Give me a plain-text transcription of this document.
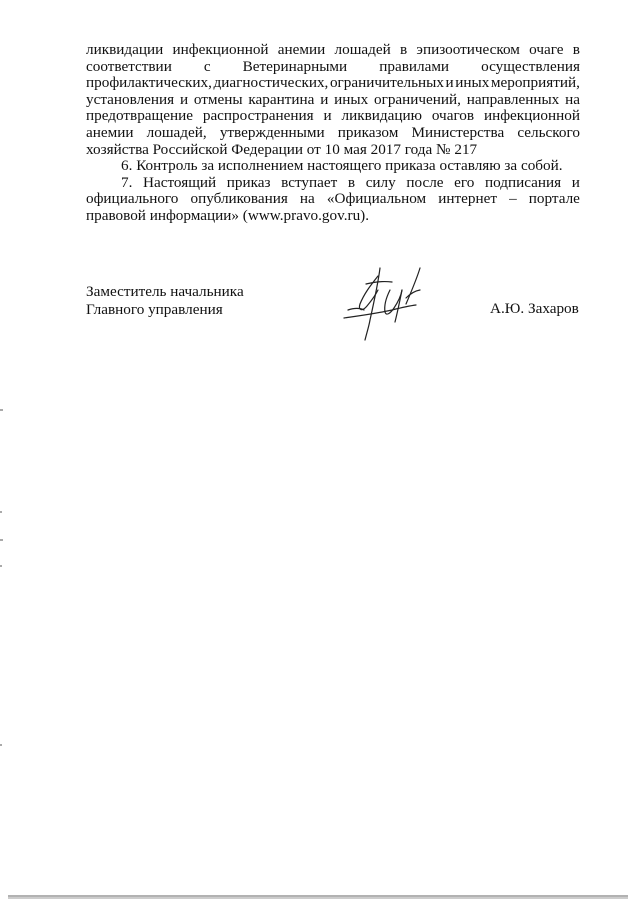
ликвидации инфекционной анемии лошадей в эпизоотическом очаге в
соответствии с Ветеринарными правилами осуществления
профилактических, диагностических, ограничительных и иных мероприятий,
установления и отмены карантина и иных ограничений, направленных на
предотвращение распространения и ликвидацию очагов инфекционной
анемии лошадей, утвержденными приказом Министерства сельского
хозяйства Российской Федерации от 10 мая 2017 года № 217
6. Контроль за исполнением настоящего приказа оставляю за собой.
7. Настоящий приказ вступает в силу после его подписания и
официального опубликования на «Официальном интернет – портале
правовой информации» (www.pravo.gov.ru).
Заместитель начальника
Главного управления	А.Ю. Захаров
